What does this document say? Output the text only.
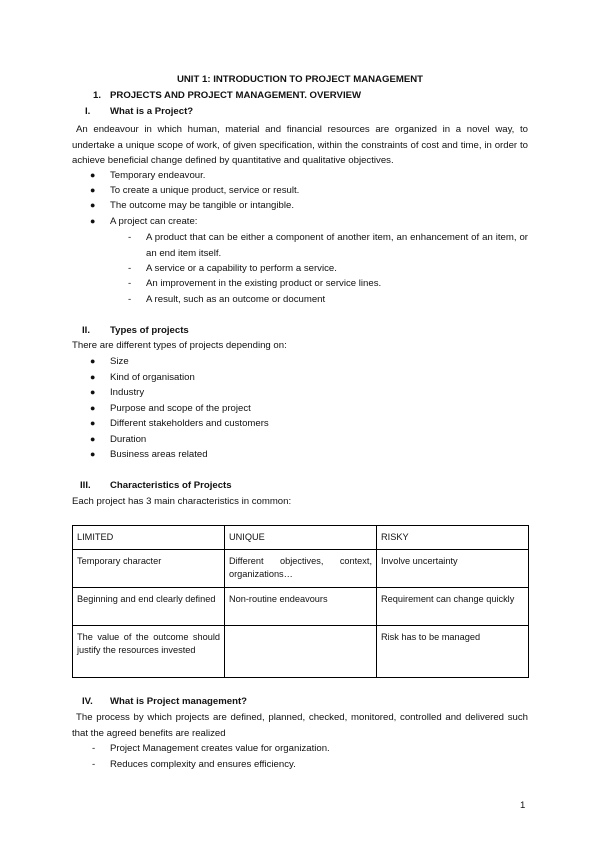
UNIT 1: INTRODUCTION TO PROJECT MANAGEMENT
1. PROJECTS AND PROJECT MANAGEMENT. OVERVIEW
I. What is a Project?
An endeavour in which human, material and financial resources are organized in a novel way, to undertake a unique scope of work, of given specification, within the constraints of cost and time, in order to achieve beneficial change defined by quantitative and qualitative objectives.
● Temporary endeavour.
● To create a unique product, service or result.
● The outcome may be tangible or intangible.
● A project can create:
- A product that can be either a component of another item, an enhancement of an item, or an end item itself.
- A service or a capability to perform a service.
- An improvement in the existing product or service lines.
- A result, such as an outcome or document
II. Types of projects
There are different types of projects depending on:
● Size
● Kind of organisation
● Industry
● Purpose and scope of the project
● Different stakeholders and customers
● Duration
● Business areas related
III. Characteristics of Projects
Each project has 3 main characteristics in common:
LIMITED	UNIQUE	RISKY
Temporary character	Different objectives, context, organizations…	Involve uncertainty
Beginning and end clearly defined	Non-routine endeavours	Requirement can change quickly
The value of the outcome should justify the resources invested		Risk has to be managed
IV. What is Project management?
The process by which projects are defined, planned, checked, monitored, controlled and delivered such that the agreed benefits are realized
- Project Management creates value for organization.
- Reduces complexity and ensures efficiency.
1
